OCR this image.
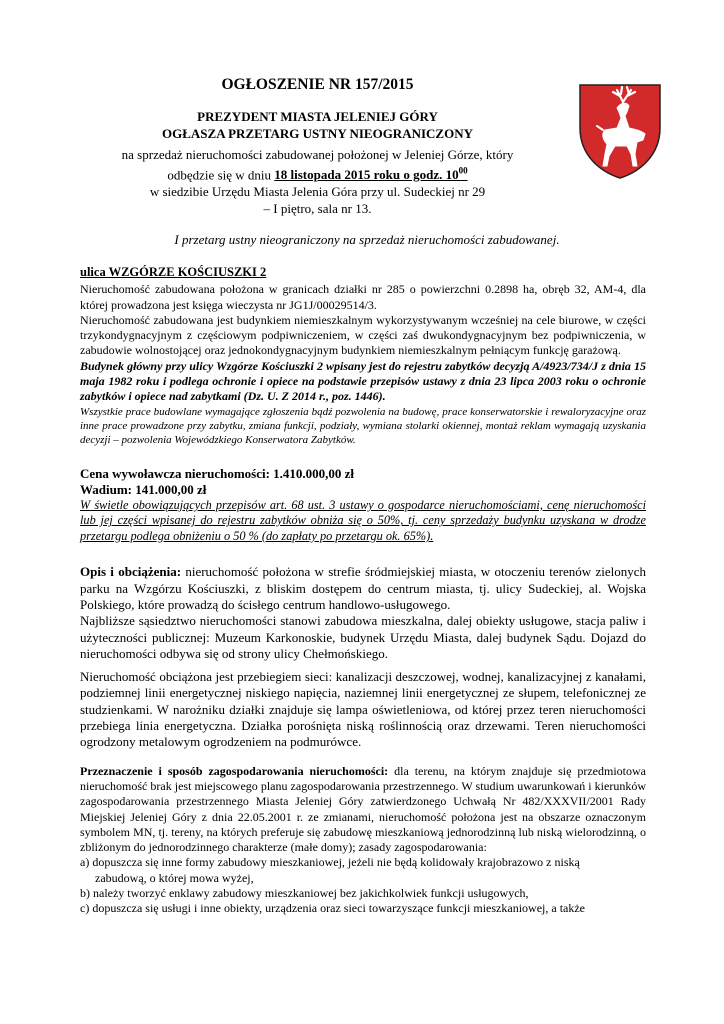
OGŁOSZENIE NR 157/2015
PREZYDENT MIASTA JELENIEJ GÓRY
OGŁASZA PRZETARG USTNY NIEOGRANICZONY
na sprzedaż nieruchomości zabudowanej położonej w Jeleniej Górze, który
odbędzie się w dniu 18 listopada 2015 roku o godz. $10^{00}$
w siedzibie Urzędu Miasta Jelenia Góra przy ul. Sudeckiej nr 29
– I piętro, sala nr 13.
I przetarg ustny nieograniczony na sprzedaż nieruchomości zabudowanej.

ulica WZGÓRZE KOŚCIUSZKI 2

Nieruchomość zabudowana położona w granicach działki nr 285 o powierzchni 0.2898 ha, obręb 32, AM-4, dla której prowadzona jest księga wieczysta nr JG1J/00029514/3.

Nieruchomość zabudowana jest budynkiem niemieszkalnym wykorzystywanym wcześniej na cele biurowe, w części trzykondygnacyjnym z częściowym podpiwniczeniem, w części zaś dwukondygnacyjnym bez podpiwniczenia, w zabudowie wolnostojącej oraz jednokondygnacyjnym budynkiem niemieszkalnym pełniącym funkcję garażową.

Budynek główny przy ulicy Wzgórze Kościuszki 2 wpisany jest do rejestru zabytków decyzją A/4923/734/J z dnia 15 maja 1982 roku i podlega ochronie i opiece na podstawie przepisów ustawy z dnia 23 lipca 2003 roku o ochronie zabytków i opiece nad zabytkami (Dz. U. Z 2014 r., poz. 1446).

Wszystkie prace budowlane wymagające zgłoszenia bądź pozwolenia na budowę, prace konserwatorskie i rewaloryzacyjne oraz inne prace prowadzone przy zabytku, zmiana funkcji, podziały, wymiana stolarki okiennej, montaż reklam wymagają uzyskania decyzji – pozwolenia Wojewódzkiego Konserwatora Zabytków.

Cena wywoławcza nieruchomości: 1.410.000,00 zł

Wadium: 141.000,00 zł

W świetle obowiązujących przepisów art. 68 ust. 3 ustawy o gospodarce nieruchomościami, cenę nieruchomości lub jej części wpisanej do rejestru zabytków obniża się o 50%, tj. ceny sprzedaży budynku uzyskana w drodze przetargu podlega obniżeniu o 50 % (do zapłaty po przetargu ok. 65%).

Opis i obciążenia: nieruchomość położona w strefie śródmiejskiej miasta, w otoczeniu terenów zielonych parku na Wzgórzu Kościuszki, z bliskim dostępem do centrum miasta, tj. ulicy Sudeckiej, al. Wojska Polskiego, które prowadzą do ścisłego centrum handlowo-usługowego.

Najbliższe sąsiedztwo nieruchomości stanowi zabudowa mieszkalna, dalej obiekty usługowe, stacja paliw i użyteczności publicznej: Muzeum Karkonoskie, budynek Urzędu Miasta, dalej budynek Sądu. Dojazd do nieruchomości odbywa się od strony ulicy Chełmońskiego.

Nieruchomość obciążona jest przebiegiem sieci: kanalizacji deszczowej, wodnej, kanalizacyjnej z kanałami, podziemnej linii energetycznej niskiego napięcia, naziemnej linii energetycznej ze słupem, telefonicznej ze studzienkami. W narożniku działki znajduje się lampa oświetleniowa, od której przez teren nieruchomości przebiega linia energetyczna. Działka porośnięta niską roślinnością oraz drzewami. Teren nieruchomości ogrodzony metalowym ogrodzeniem na podmurówce.

Przeznaczenie i sposób zagospodarowania nieruchomości: dla terenu, na którym znajduje się przedmiotowa nieruchomość brak jest miejscowego planu zagospodarowania przestrzennego. W studium uwarunkowań i kierunków zagospodarowania przestrzennego Miasta Jeleniej Góry zatwierdzonego Uchwałą Nr 482/XXXVII/2001 Rady Miejskiej Jeleniej Góry z dnia 22.05.2001 r. ze zmianami, nieruchomość położona jest na obszarze oznaczonym symbolem MN, tj. tereny, na których preferuje się zabudowę mieszkaniową jednorodzinną lub niską wielorodzinną, o zbliżonym do jednorodzinnego charakterze (małe domy); zasady zagospodarowania:

a) dopuszcza się inne formy zabudowy mieszkaniowej, jeżeli nie będą kolidowały krajobrazowo z niską
zabudową, o której mowa wyżej,
b) należy tworzyć enklawy zabudowy mieszkaniowej bez jakichkolwiek funkcji usługowych,
c) dopuszcza się usługi i inne obiekty, urządzenia oraz sieci towarzyszące funkcji mieszkaniowej, a także
